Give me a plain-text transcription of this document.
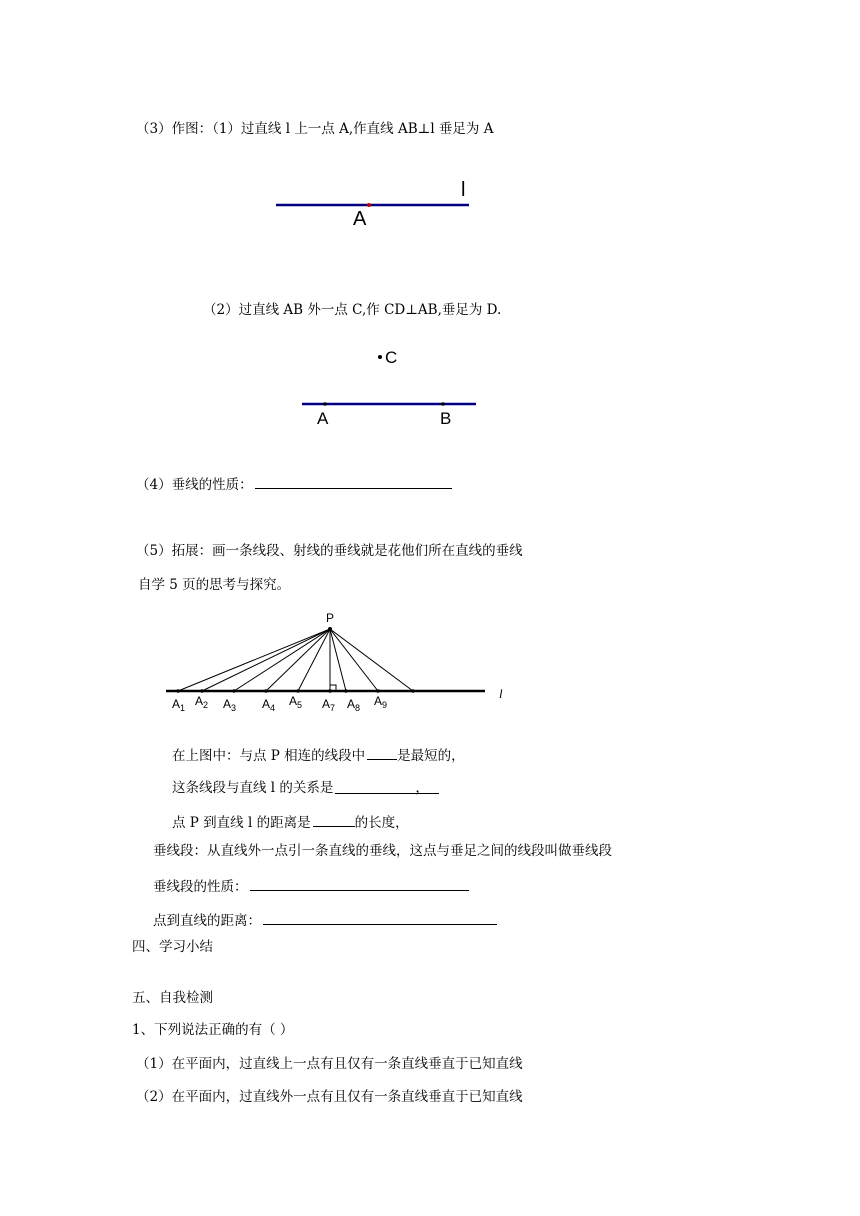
（3）作图：（1）过直线 l 上一点 A,作直线 AB⊥l 垂足为 A
l
A
（2）过直线 AB 外一点 C,作 CD⊥AB,垂足为 D.
C
A	B
（4）垂线的性质：
（5）拓展：画一条线段、射线的垂线就是花他们所在直线的垂线
自学 5 页的思考与探究。
P
$A_1$ $A_2$ $A_3$ $A_4$ $A_5$ $A_7$ $A_8$ $A_9$
l
在上图中：与点 P 相连的线段中 是最短的，
这条线段与直线 l 的关系是	，
点 P 到直线 l 的距离是	的长度，
垂线段：从直线外一点引一条直线的垂线，这点与垂足之间的线段叫做垂线段
垂线段的性质：
点到直线的距离：
四、学习小结
五、自我检测
1、下列说法正确的有（ ）
（1）在平面内，过直线上一点有且仅有一条直线垂直于已知直线
（2）在平面内，过直线外一点有且仅有一条直线垂直于已知直线
